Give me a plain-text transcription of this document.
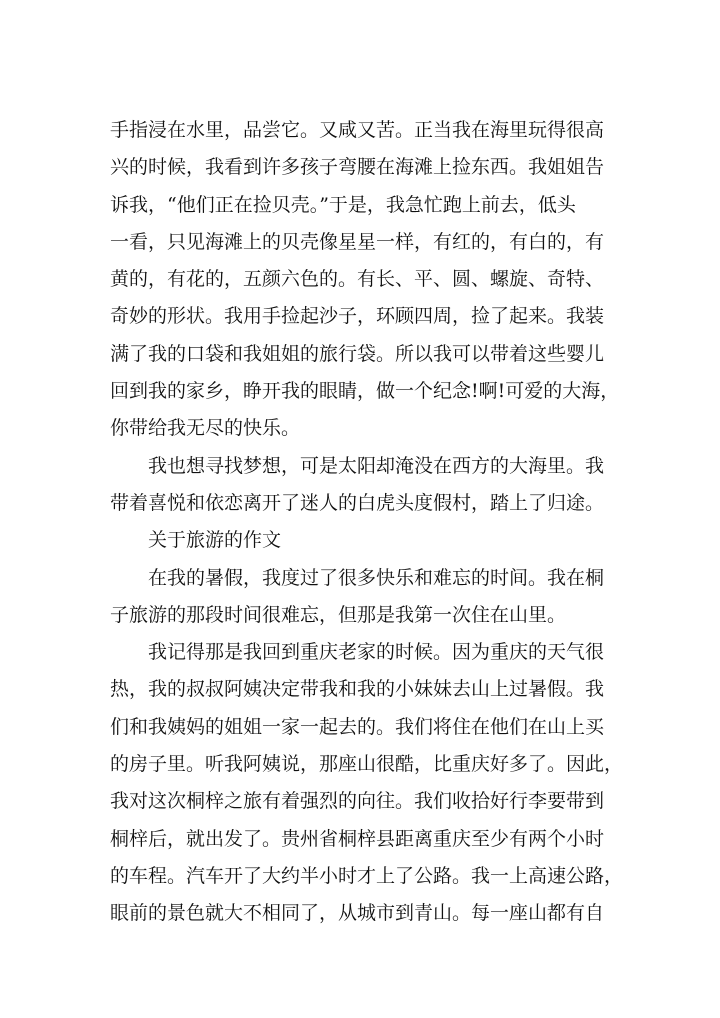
手指浸在水里，品尝它。又咸又苦。正当我在海里玩得很高
兴的时候，我看到许多孩子弯腰在海滩上捡东西。我姐姐告
诉我，“他们正在捡贝壳。”于是，我急忙跑上前去，低头
一看，只见海滩上的贝壳像星星一样，有红的，有白的，有
黄的，有花的，五颜六色的。有长、平、圆、螺旋、奇特、
奇妙的形状。我用手捡起沙子，环顾四周，捡了起来。我装
满了我的口袋和我姐姐的旅行袋。所以我可以带着这些婴儿
回到我的家乡，睁开我的眼睛，做一个纪念!啊!可爱的大海，
你带给我无尽的快乐。
我也想寻找梦想，可是太阳却淹没在西方的大海里。我
带着喜悦和依恋离开了迷人的白虎头度假村，踏上了归途。
关于旅游的作文
在我的暑假，我度过了很多快乐和难忘的时间。我在桐
子旅游的那段时间很难忘，但那是我第一次住在山里。
我记得那是我回到重庆老家的时候。因为重庆的天气很
热，我的叔叔阿姨决定带我和我的小妹妹去山上过暑假。我
们和我姨妈的姐姐一家一起去的。我们将住在他们在山上买
的房子里。听我阿姨说，那座山很酷，比重庆好多了。因此，
我对这次桐梓之旅有着强烈的向往。我们收拾好行李要带到
桐梓后，就出发了。贵州省桐梓县距离重庆至少有两个小时
的车程。汽车开了大约半小时才上了公路。我一上高速公路，
眼前的景色就大不相同了，从城市到青山。每一座山都有自
